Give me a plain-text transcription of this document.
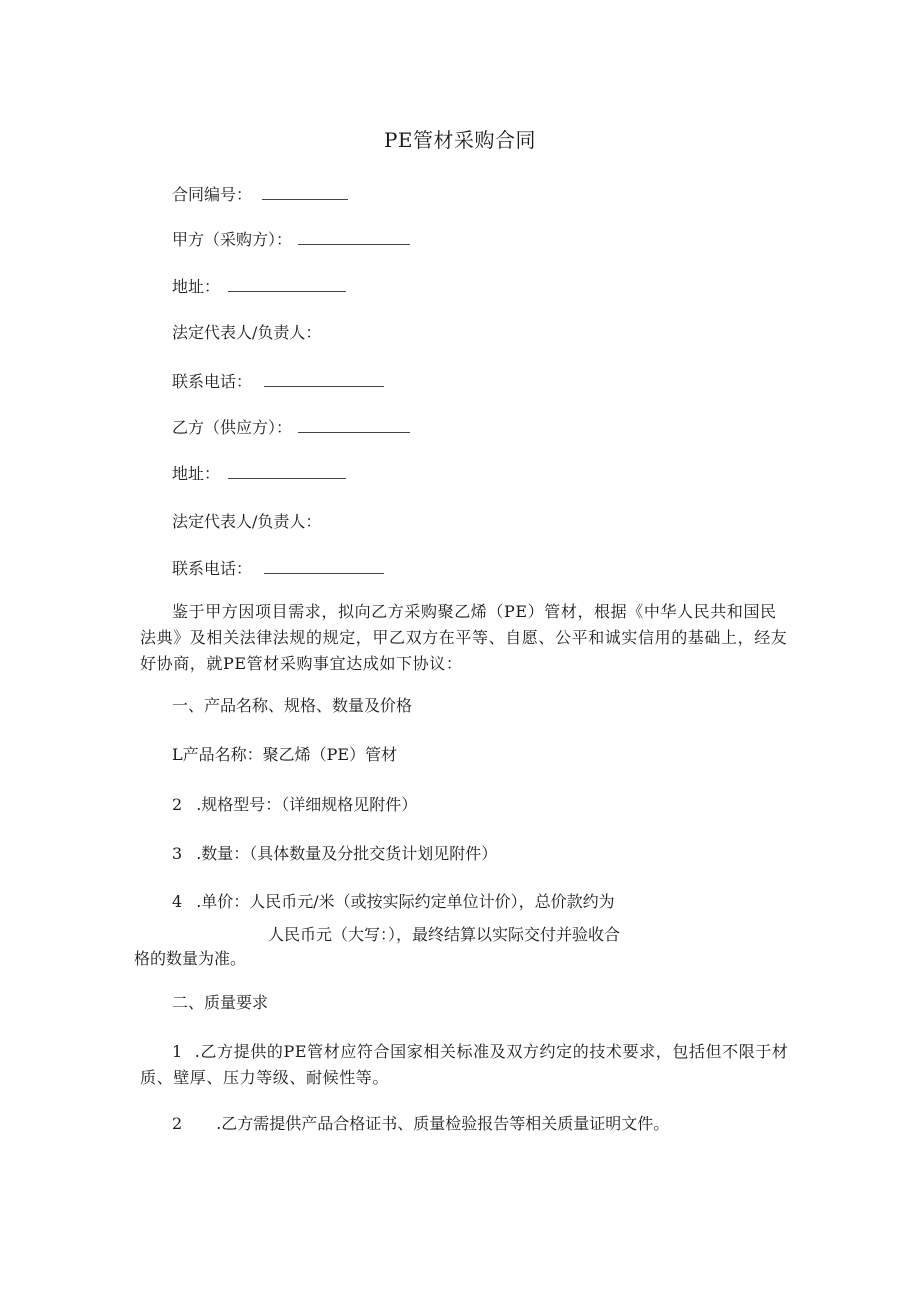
PE管材采购合同
合同编号：
甲方（采购方）：
地址：
法定代表人/负责人：
联系电话：
乙方（供应方）：
地址：
法定代表人/负责人：
联系电话：
鉴于甲方因项目需求，拟向乙方采购聚乙烯（PE）管材，根据《中华人民共和国民法典》及相关法律法规的规定，甲乙双方在平等、自愿、公平和诚实信用的基础上，经友好协商，就PE管材采购事宜达成如下协议：
一、产品名称、规格、数量及价格
L产品名称：聚乙烯（PE）管材
2 .规格型号：（详细规格见附件）
3 .数量：（具体数量及分批交货计划见附件）
4 .单价：人民币元/米（或按实际约定单位计价），总价款约为
人民币元（大写：），最终结算以实际交付并验收合
格的数量为准。
二、质量要求
1 .乙方提供的PE管材应符合国家相关标准及双方约定的技术要求，包括但不限于材质、壁厚、压力等级、耐候性等。
2 .乙方需提供产品合格证书、质量检验报告等相关质量证明文件。
